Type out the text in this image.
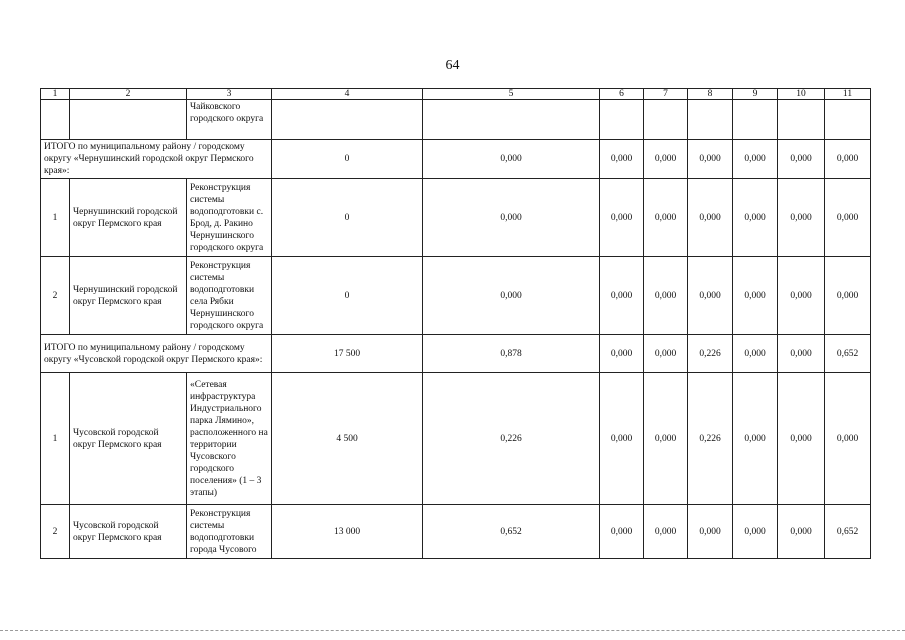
64
1	2	3	4	5	6	7	8	9	10	11
		Чайковского городского округа								
ИТОГО по муниципальному району / городскому округу «Чернушинский городской округ Пермского края»:			0	0,000	0,000	0,000	0,000	0,000	0,000	0,000
1	Чернушинский городской округ Пермского края	Реконструкция системы водоподготовки с. Брод, д. Ракино Чернушинского городского округа	0	0,000	0,000	0,000	0,000	0,000	0,000	0,000
2	Чернушинский городской округ Пермского края	Реконструкция системы водоподготовки села Рябки Чернушинского городского округа	0	0,000	0,000	0,000	0,000	0,000	0,000	0,000
ИТОГО по муниципальному району / городскому округу «Чусовской городской округ Пермского края»:			17 500	0,878	0,000	0,000	0,226	0,000	0,000	0,652
1	Чусовской городской округ Пермского края	«Сетевая инфраструктура Индустриального парка Лямино», расположенного на территории Чусовского городского поселения» (1 – 3 этапы)	4 500	0,226	0,000	0,000	0,226	0,000	0,000	0,000
2	Чусовской городской округ Пермского края	Реконструкция системы водоподготовки города Чусового	13 000	0,652	0,000	0,000	0,000	0,000	0,000	0,652
